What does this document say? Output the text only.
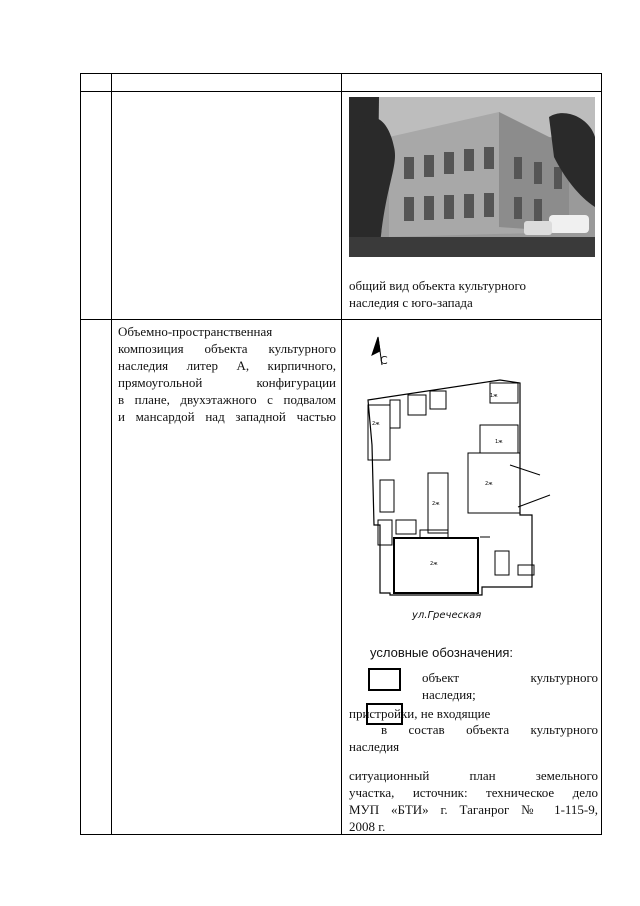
общий вид объекта культурного
наследия с юго-запада
Объемно-пространственная
композиция объекта культурного
наследия литер А, кирпичного,
прямоугольной конфигурации
в плане, двухэтажного с подвалом
и мансардой над западной частью	2ж
1ж
1ж
2ж
2ж
2ж
С
ул.Греческая
условные обозначения:
объект культурного
наследия;
пристройки, не входящие
в состав объекта культурного
наследия
ситуационный план земельного
участка, источник: техническое дело
МУП «БТИ» г. Таганрог № 1-115-9,
2008 г.
